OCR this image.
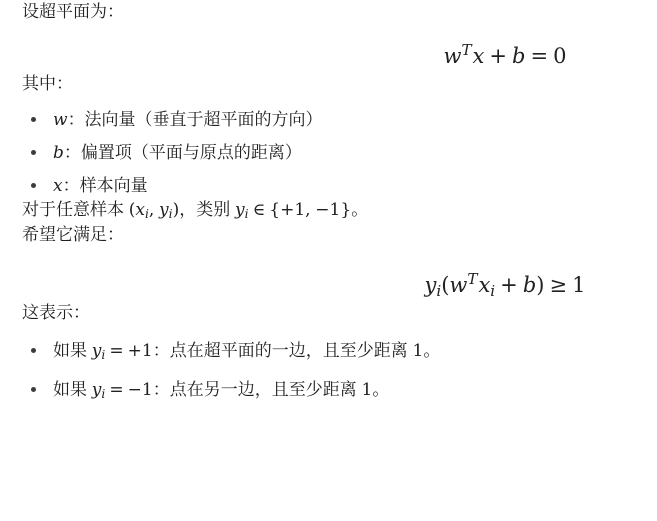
设超平面为：

$w^Tx + b = 0$

其中：

w：法向量（垂直于超平面的方向）
b：偏置项（平面与原点的距离）
x：样本向量

对于任意样本 (xi, yi)，类别 yi ∈ {+1, −1}。

希望它满足：

$yi(w^Txi + b) \ge 1$

这表示：

如果 yi = +1：点在超平面的一边，且至少距离 1。
如果 yi = −1：点在另一边，且至少距离 1。
